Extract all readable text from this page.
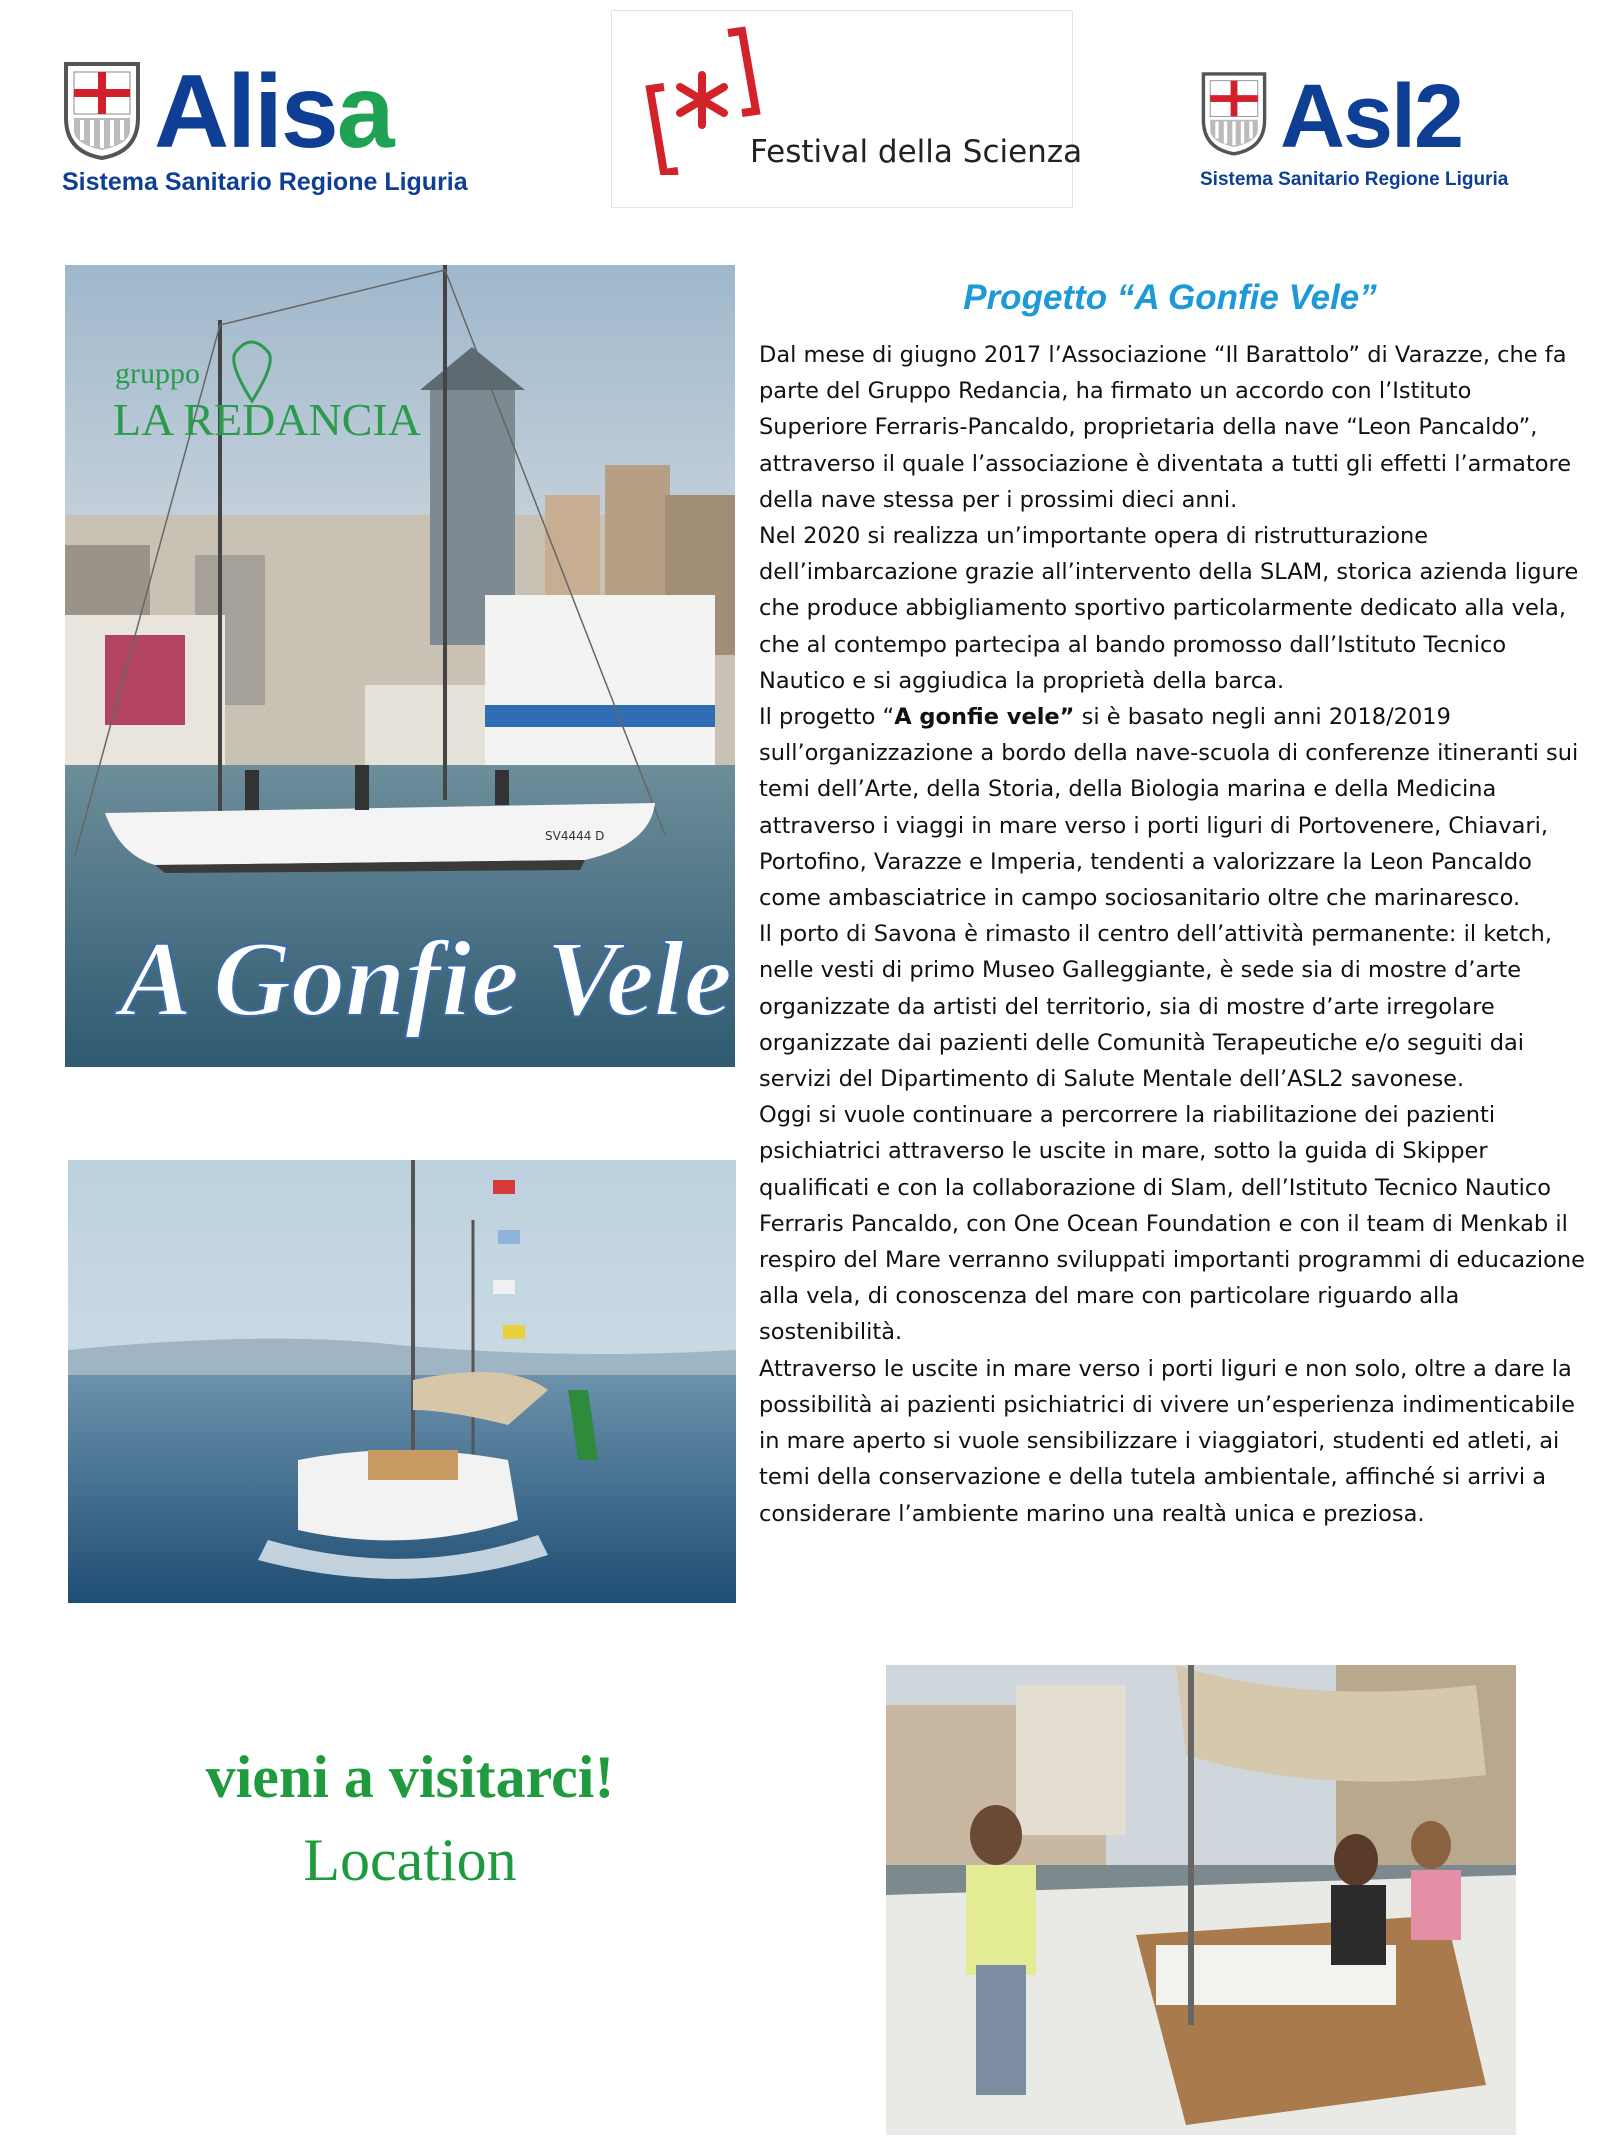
Alisa
Sistema Sanitario Regione Liguria
Festival della Scienza Asl2
Sistema Sanitario Regione Liguria
SV4444 D
gruppo
LA REDANCIA
A Gonfie Vele
Progetto “A Gonfie Vele”

Dal mese di giugno 2017 l’Associazione “Il Barattolo” di Varazze, che fa parte del Gruppo Redancia, ha firmato un accordo con l’Istituto Superiore Ferraris-Pancaldo, proprietaria della nave “Leon Pancaldo”, attraverso il quale l’associazione è diventata a tutti gli effetti l’armatore della nave stessa per i prossimi dieci anni.

Nel 2020 si realizza un’importante opera di ristrutturazione dell’imbarcazione grazie all’intervento della SLAM, storica azienda ligure che produce abbigliamento sportivo particolarmente dedicato alla vela, che al contempo partecipa al bando promosso dall’Istituto Tecnico Nautico e si aggiudica la proprietà della barca.

Il progetto “A gonfie vele” si è basato negli anni 2018/2019 sull’organizzazione a bordo della nave-scuola di conferenze itineranti sui temi dell’Arte, della Storia, della Biologia marina e della Medicina attraverso i viaggi in mare verso i porti liguri di Portovenere, Chiavari, Portofino, Varazze e Imperia, tendenti a valorizzare la Leon Pancaldo come ambasciatrice in campo sociosanitario oltre che marinaresco.

Il porto di Savona è rimasto il centro dell’attività permanente: il ketch, nelle vesti di primo Museo Galleggiante, è sede sia di mostre d’arte organizzate da artisti del territorio, sia di mostre d’arte irregolare organizzate dai pazienti delle Comunità Terapeutiche e/o seguiti dai servizi del Dipartimento di Salute Mentale dell’ASL2 savonese.

Oggi si vuole continuare a percorrere la riabilitazione dei pazienti psichiatrici attraverso le uscite in mare, sotto la guida di Skipper qualificati e con la collaborazione di Slam, dell’Istituto Tecnico Nautico Ferraris Pancaldo, con One Ocean Foundation e con il team di Menkab il respiro del Mare verranno sviluppati importanti programmi di educazione alla vela, di conoscenza del mare con particolare riguardo alla sostenibilità.

Attraverso le uscite in mare verso i porti liguri e non solo, oltre a dare la possibilità ai pazienti psichiatrici di vivere un’esperienza indimenticabile in mare aperto si vuole sensibilizzare i viaggiatori, studenti ed atleti, ai temi della conservazione e della tutela ambientale, affinché si arrivi a considerare l’ambiente marino una realtà unica e preziosa.

vieni a visitarci!
Location
